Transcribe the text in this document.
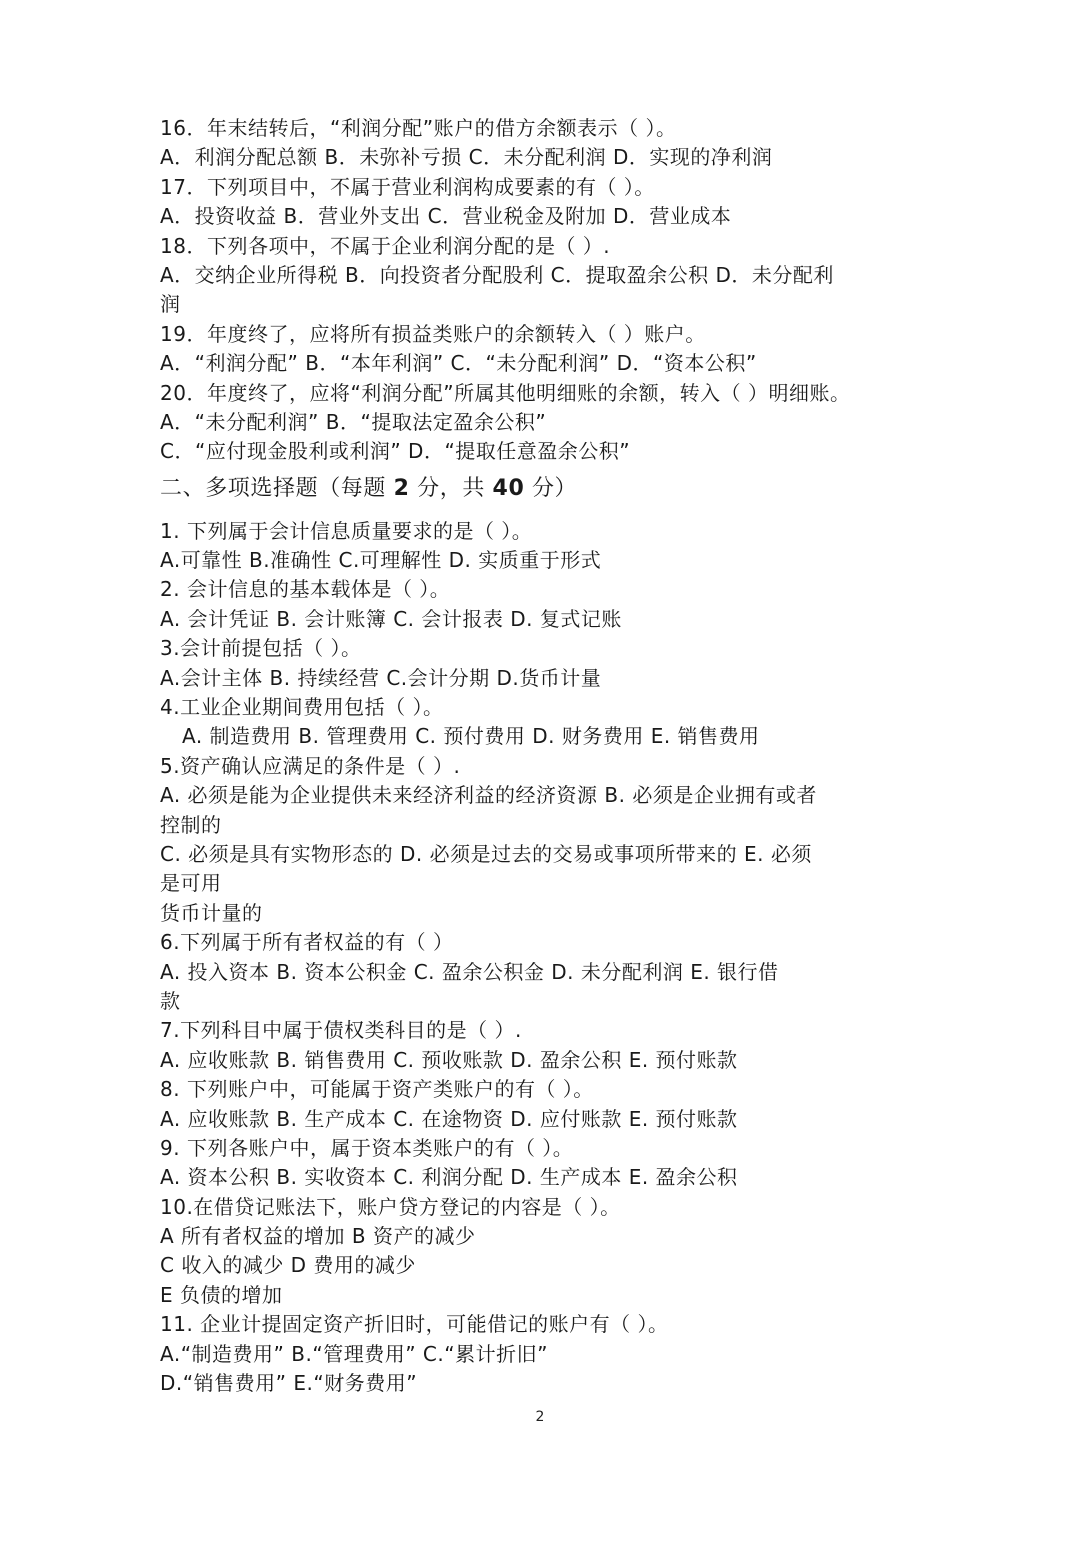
16．年末结转后，“利润分配”账户的借方余额表示（ ）。
A．利润分配总额 B．未弥补亏损 C．未分配利润 D．实现的净利润
17．下列项目中，不属于营业利润构成要素的有（ ）。
A．投资收益 B．营业外支出 C．营业税金及附加 D．营业成本
18．下列各项中，不属于企业利润分配的是（ ）.
A．交纳企业所得税 B．向投资者分配股利 C．提取盈余公积 D．未分配利
润
19．年度终了，应将所有损益类账户的余额转入（ ）账户。
A．“利润分配” B．“本年利润” C．“未分配利润” D．“资本公积”
20．年度终了，应将“利润分配”所属其他明细账的余额，转入（ ）明细账。
A．“未分配利润” B．“提取法定盈余公积”
C．“应付现金股利或利润” D．“提取任意盈余公积”
二、多项选择题（每题 2 分，共 40 分）
1. 下列属于会计信息质量要求的是（ ）。
A.可靠性 B.准确性 C.可理解性 D. 实质重于形式
2. 会计信息的基本载体是（ ）。
A. 会计凭证 B. 会计账簿 C. 会计报表 D. 复式记账
3.会计前提包括（ ）。
A.会计主体 B. 持续经营 C.会计分期 D.货币计量
4.工业企业期间费用包括（ ）。
A. 制造费用 B. 管理费用 C. 预付费用 D. 财务费用 E. 销售费用
5.资产确认应满足的条件是（ ）.
A. 必须是能为企业提供未来经济利益的经济资源 B. 必须是企业拥有或者
控制的
C. 必须是具有实物形态的 D. 必须是过去的交易或事项所带来的 E. 必须
是可用
货币计量的
6.下列属于所有者权益的有（ ）
A. 投入资本 B. 资本公积金 C. 盈余公积金 D. 未分配利润 E. 银行借
款
7.下列科目中属于债权类科目的是（ ）.
A. 应收账款 B. 销售费用 C. 预收账款 D. 盈余公积 E. 预付账款
8. 下列账户中，可能属于资产类账户的有（ ）。
A. 应收账款 B. 生产成本 C. 在途物资 D. 应付账款 E. 预付账款
9. 下列各账户中，属于资本类账户的有（ ）。
A. 资本公积 B. 实收资本 C. 利润分配 D. 生产成本 E. 盈余公积
10.在借贷记账法下，账户贷方登记的内容是（ ）。
A 所有者权益的增加 B 资产的减少
C 收入的减少 D 费用的减少
E 负债的增加
11. 企业计提固定资产折旧时，可能借记的账户有（ ）。
A.“制造费用” B.“管理费用” C.“累计折旧”
D.“销售费用” E.“财务费用”
2
